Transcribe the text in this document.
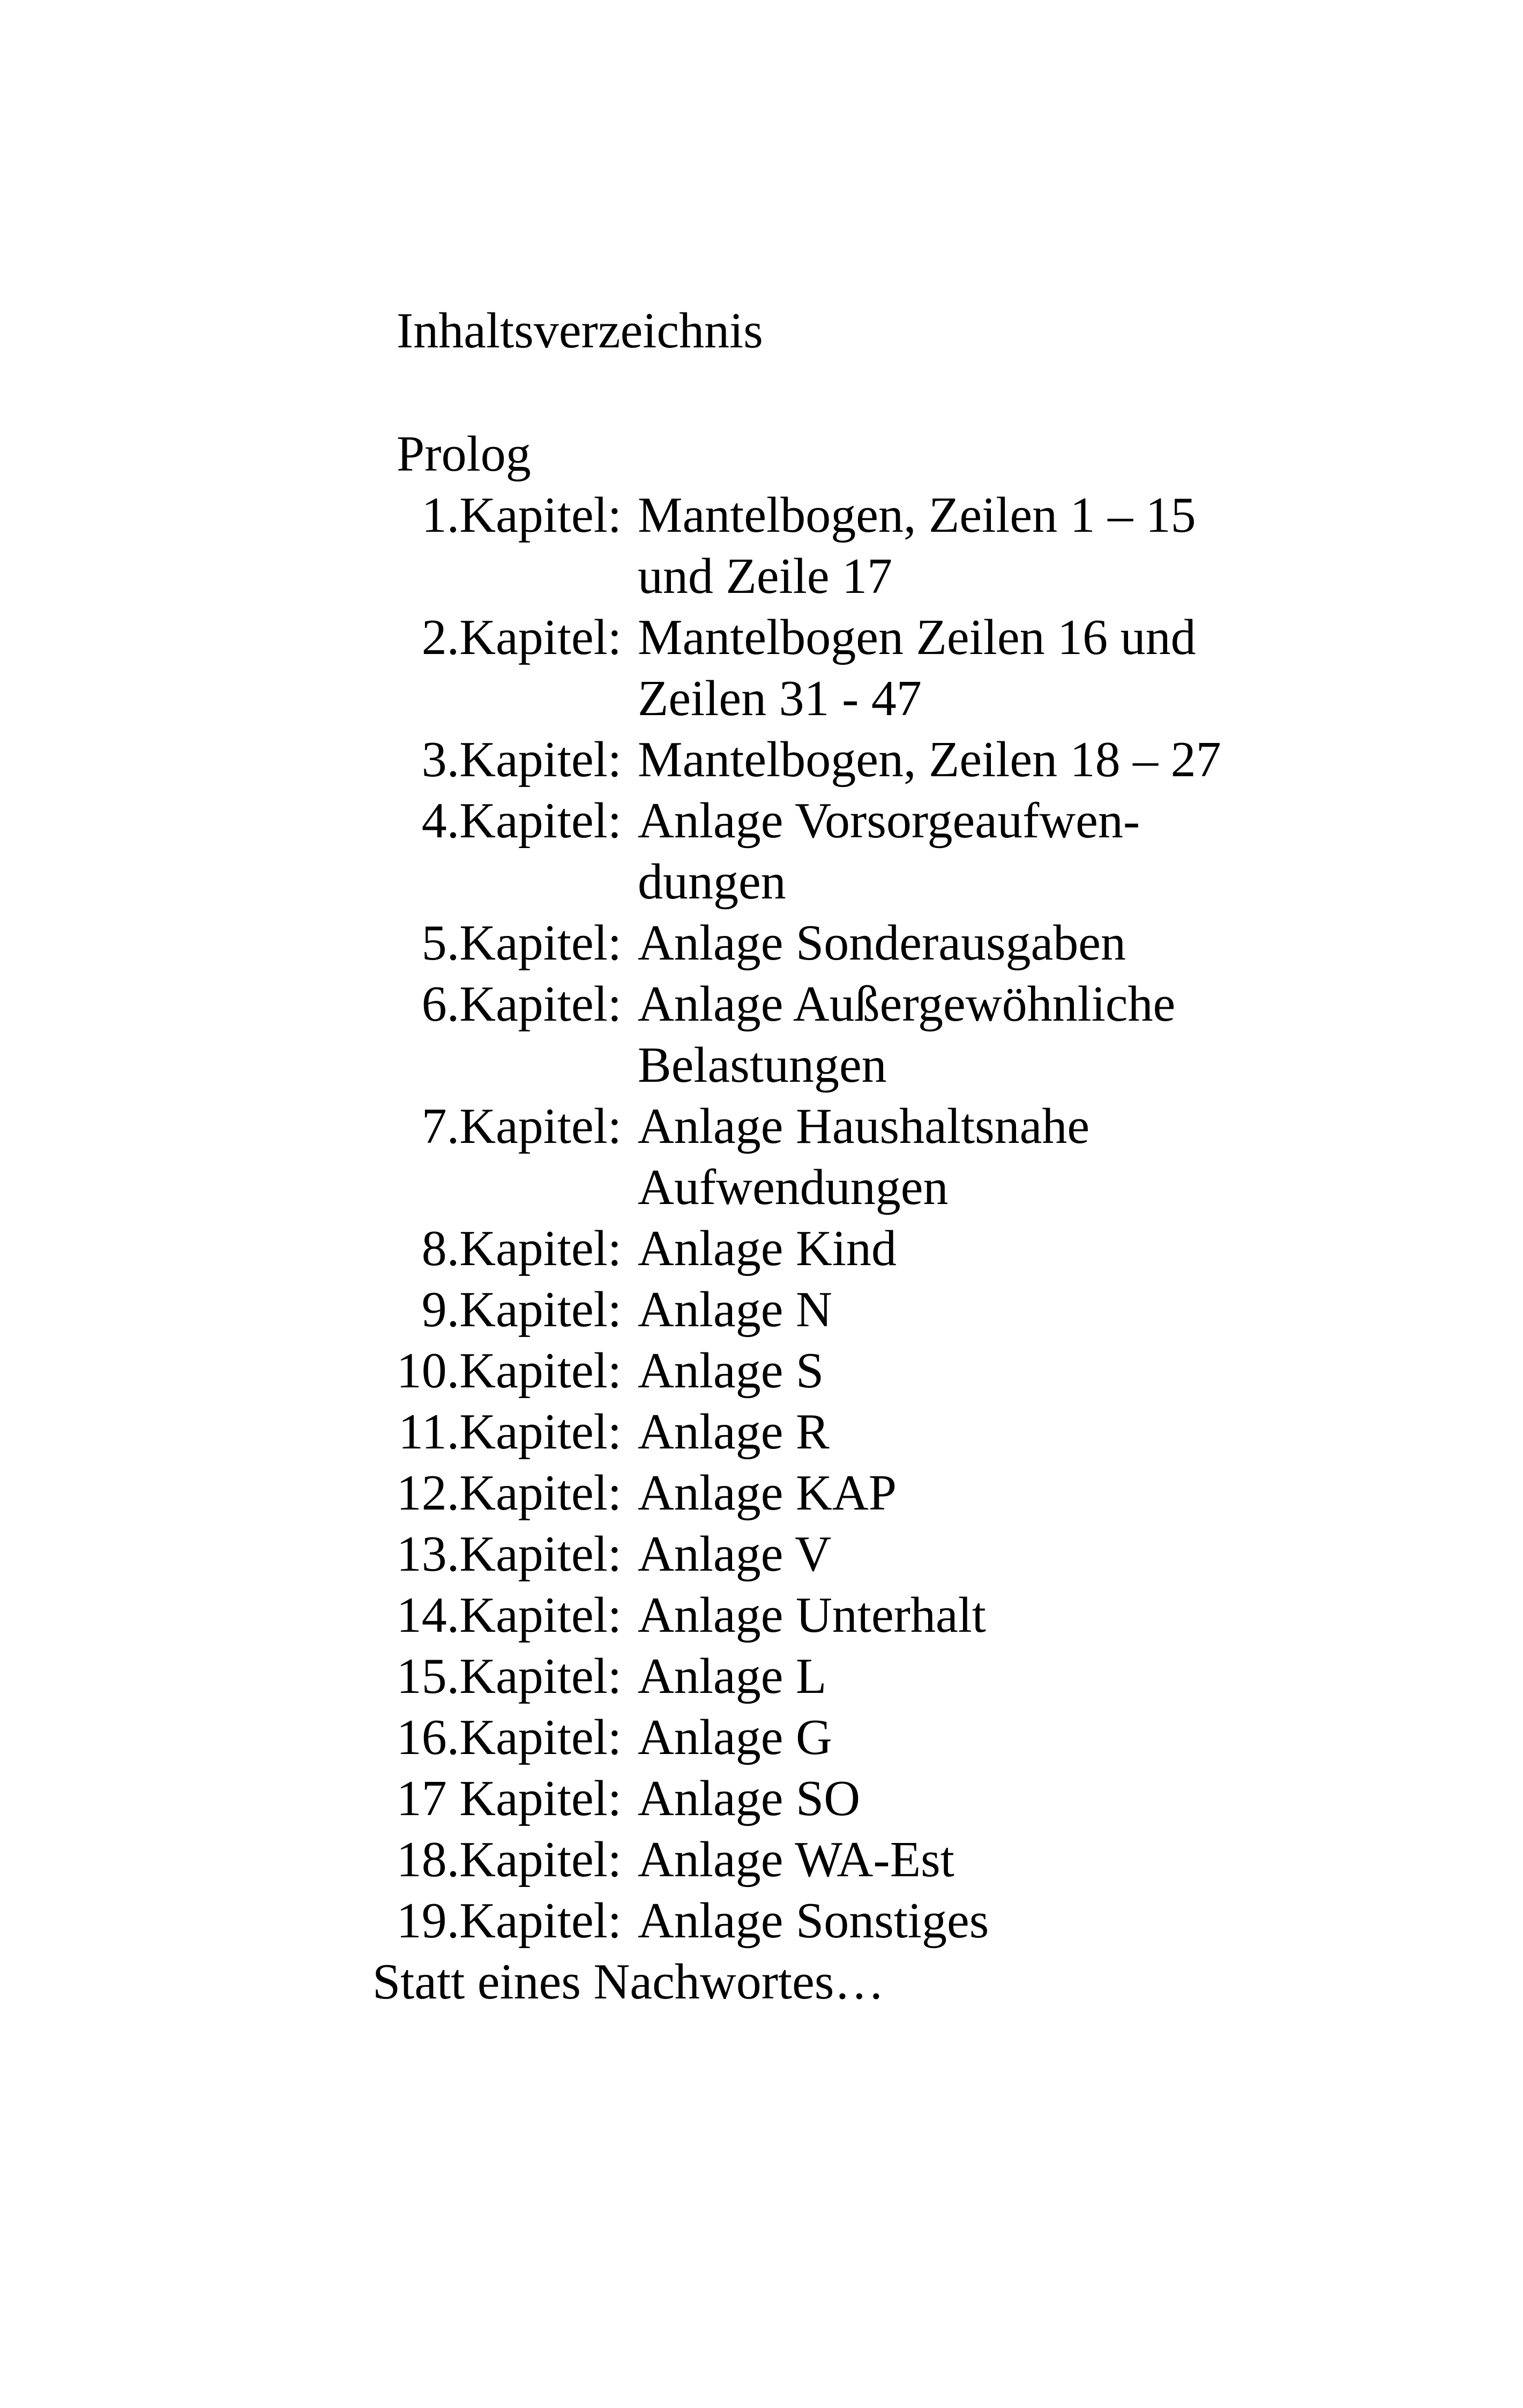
Inhaltsverzeichnis
Prolog
1.Kapitel: Mantelbogen, Zeilen 1 – 15 und Zeile 17
2.Kapitel: Mantelbogen Zeilen 16 und Zeilen 31 - 47
3.Kapitel: Mantelbogen, Zeilen 18 – 27
4.Kapitel: Anlage Vorsorgeaufwen-dungen
5.Kapitel: Anlage Sonderausgaben
6.Kapitel: Anlage Außergewöhnliche Belastungen
7.Kapitel: Anlage Haushaltsnahe Aufwendungen
8.Kapitel: Anlage Kind
9.Kapitel: Anlage N
10.Kapitel: Anlage S
11.Kapitel: Anlage R
12.Kapitel: Anlage KAP
13.Kapitel: Anlage V
14.Kapitel: Anlage Unterhalt
15.Kapitel: Anlage L
16.Kapitel: Anlage G
17 Kapitel: Anlage SO
18.Kapitel: Anlage WA-Est
19.Kapitel: Anlage Sonstiges
Statt eines Nachwortes…
